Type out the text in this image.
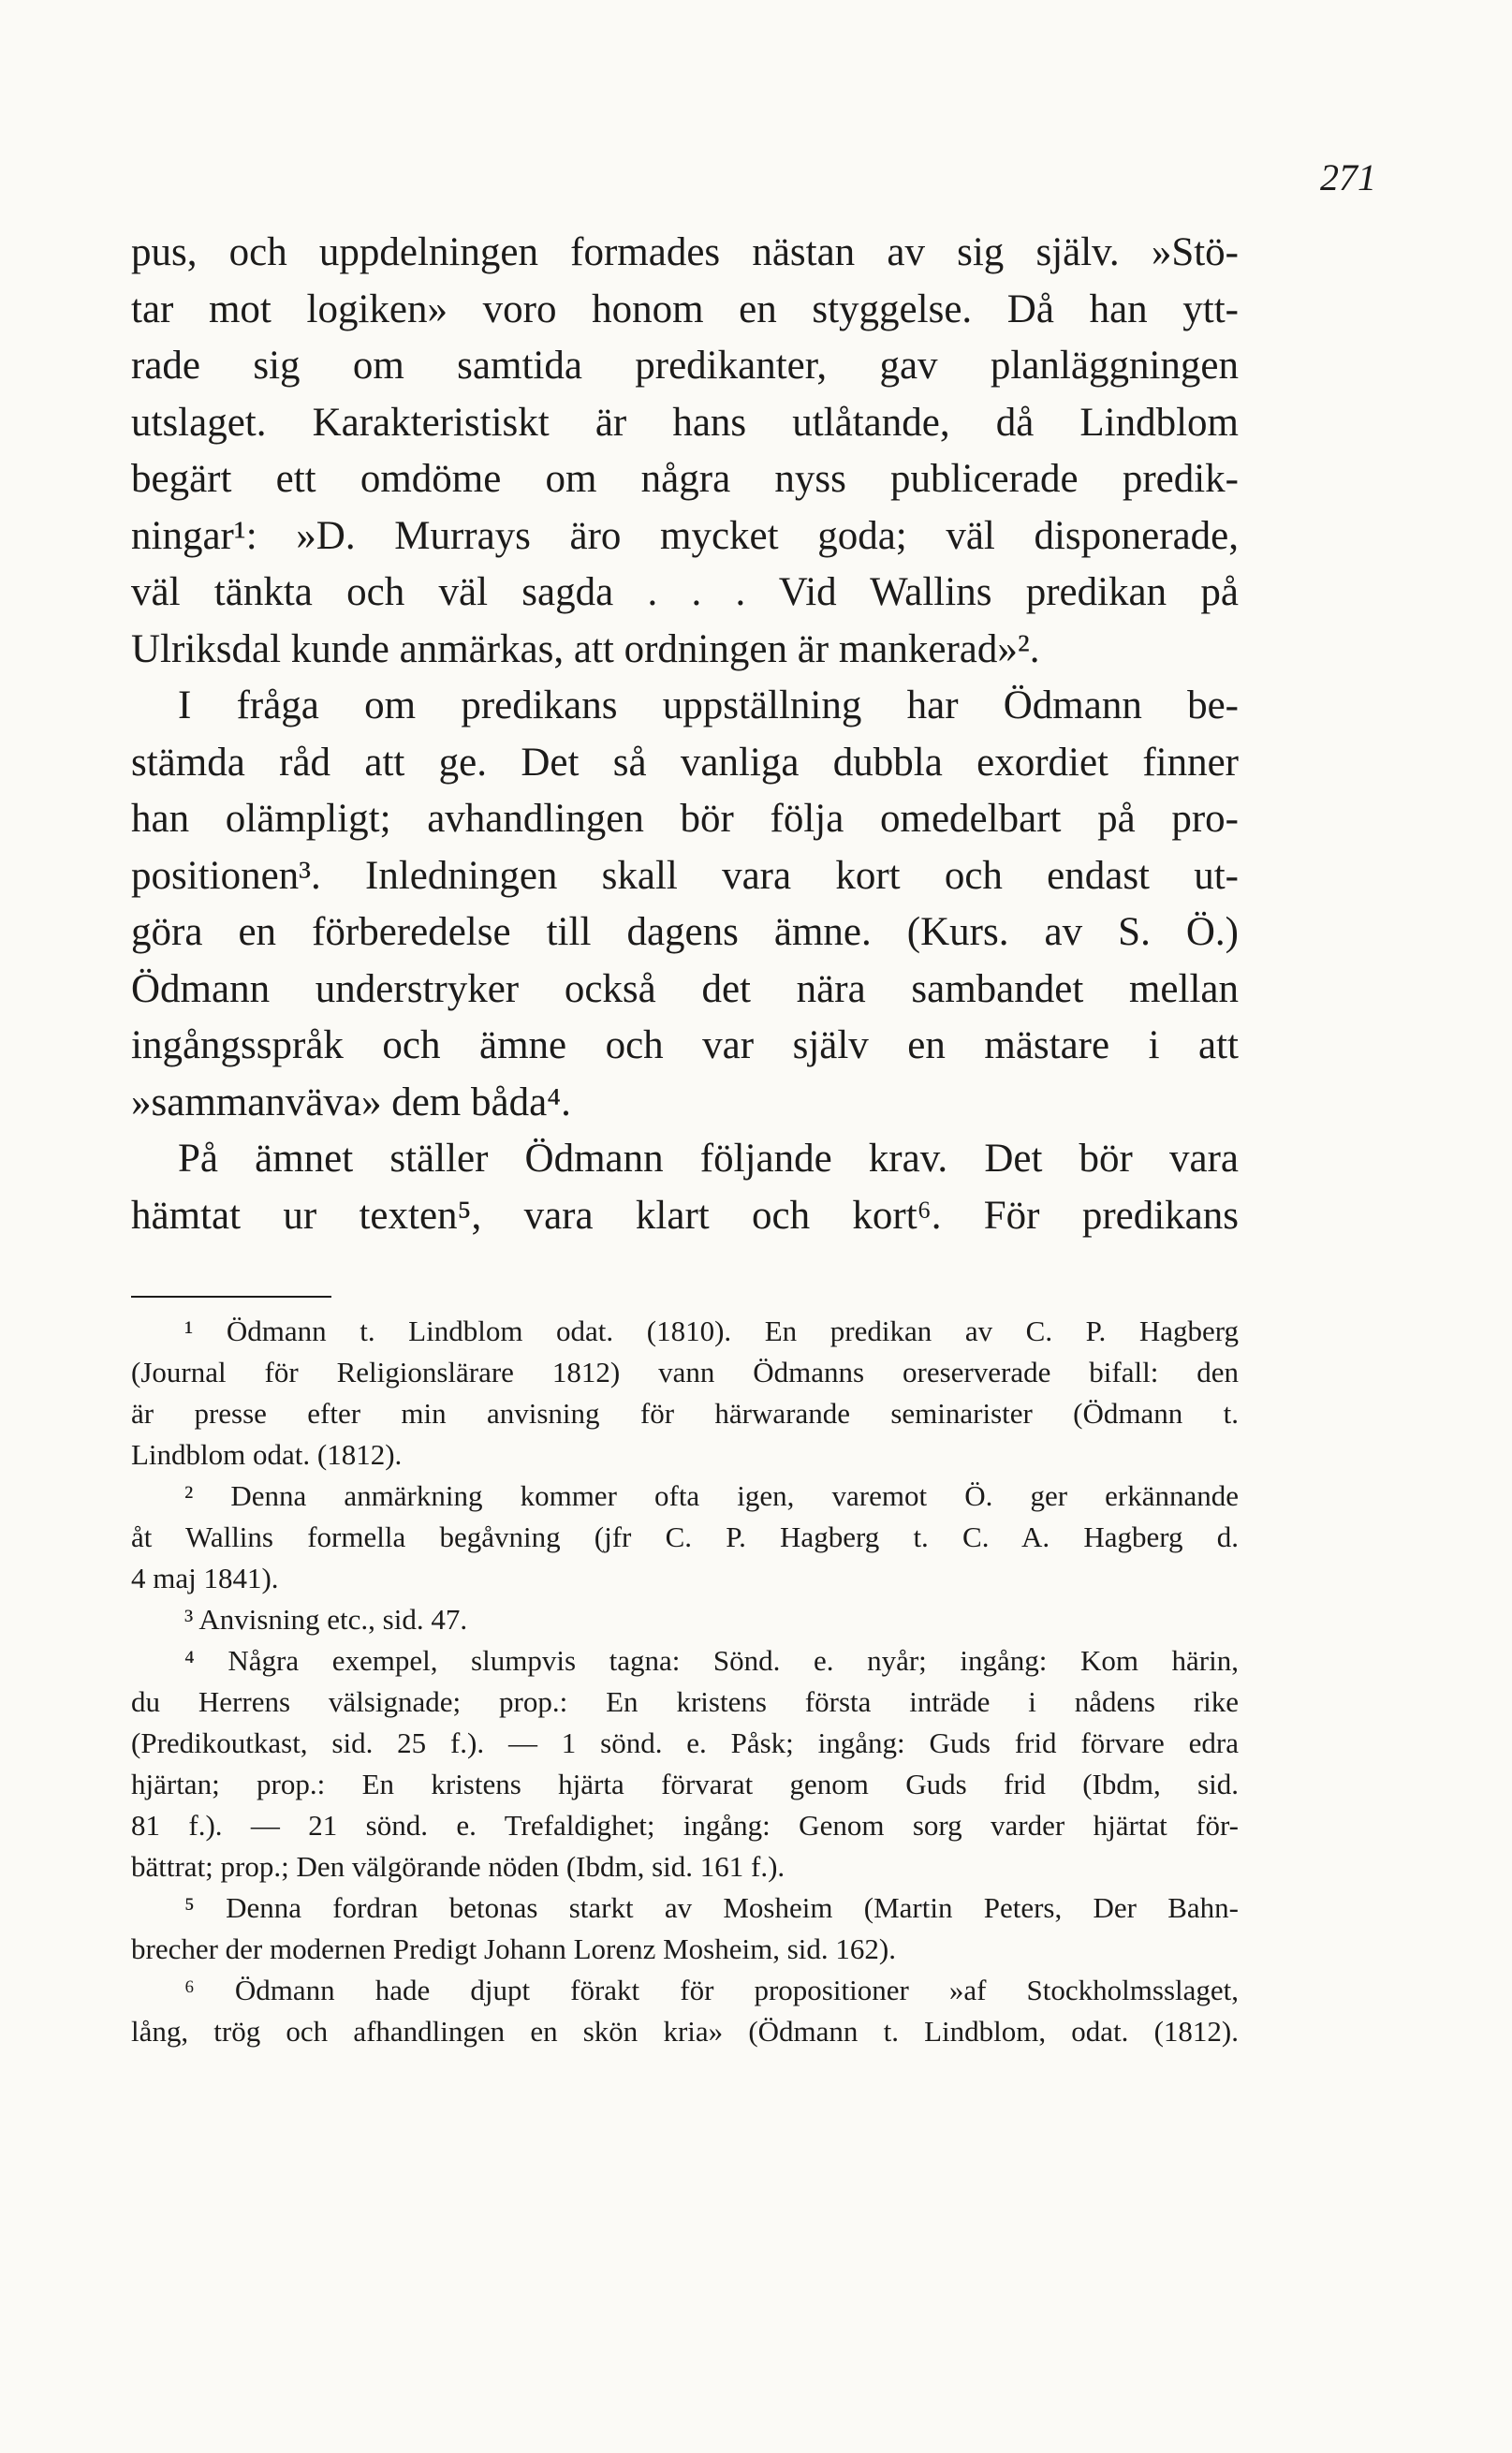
271
pus, och uppdelningen formades nästan av sig själv. »Stö-
tar mot logiken» voro honom en styggelse. Då han ytt-
rade sig om samtida predikanter, gav planläggningen
utslaget. Karakteristiskt är hans utlåtande, då Lindblom
begärt ett omdöme om några nyss publicerade predik-
ningar¹: »D. Murrays äro mycket goda; väl disponerade,
väl tänkta och väl sagda . . . Vid Wallins predikan på
Ulriksdal kunde anmärkas, att ordningen är mankerad»².
I fråga om predikans uppställning har Ödmann be-
stämda råd att ge. Det så vanliga dubbla exordiet finner
han olämpligt; avhandlingen bör följa omedelbart på pro-
positionen³. Inledningen skall vara kort och endast ut-
göra en förberedelse till dagens ämne. (Kurs. av S. Ö.)
Ödmann understryker också det nära sambandet mellan
ingångsspråk och ämne och var själv en mästare i att
»sammanväva» dem båda⁴.
På ämnet ställer Ödmann följande krav. Det bör vara
hämtat ur texten⁵, vara klart och kort⁶. För predikans
¹ Ödmann t. Lindblom odat. (1810). En predikan av C. P. Hagberg
(Journal för Religionslärare 1812) vann Ödmanns oreserverade bifall: den
är presse efter min anvisning för härwarande seminarister (Ödmann t.
Lindblom odat. (1812).
² Denna anmärkning kommer ofta igen, varemot Ö. ger erkännande
åt Wallins formella begåvning (jfr C. P. Hagberg t. C. A. Hagberg d.
4 maj 1841).
³ Anvisning etc., sid. 47.
⁴ Några exempel, slumpvis tagna: Sönd. e. nyår; ingång: Kom härin,
du Herrens välsignade; prop.: En kristens första inträde i nådens rike
(Predikoutkast, sid. 25 f.). — 1 sönd. e. Påsk; ingång: Guds frid förvare edra
hjärtan; prop.: En kristens hjärta förvarat genom Guds frid (Ibdm, sid.
81 f.). — 21 sönd. e. Trefaldighet; ingång: Genom sorg varder hjärtat för-
bättrat; prop.; Den välgörande nöden (Ibdm, sid. 161 f.).
⁵ Denna fordran betonas starkt av Mosheim (Martin Peters, Der Bahn-
brecher der modernen Predigt Johann Lorenz Mosheim, sid. 162).
⁶ Ödmann hade djupt förakt för propositioner »af Stockholmsslaget,
lång, trög och afhandlingen en skön kria» (Ödmann t. Lindblom, odat. (1812).
